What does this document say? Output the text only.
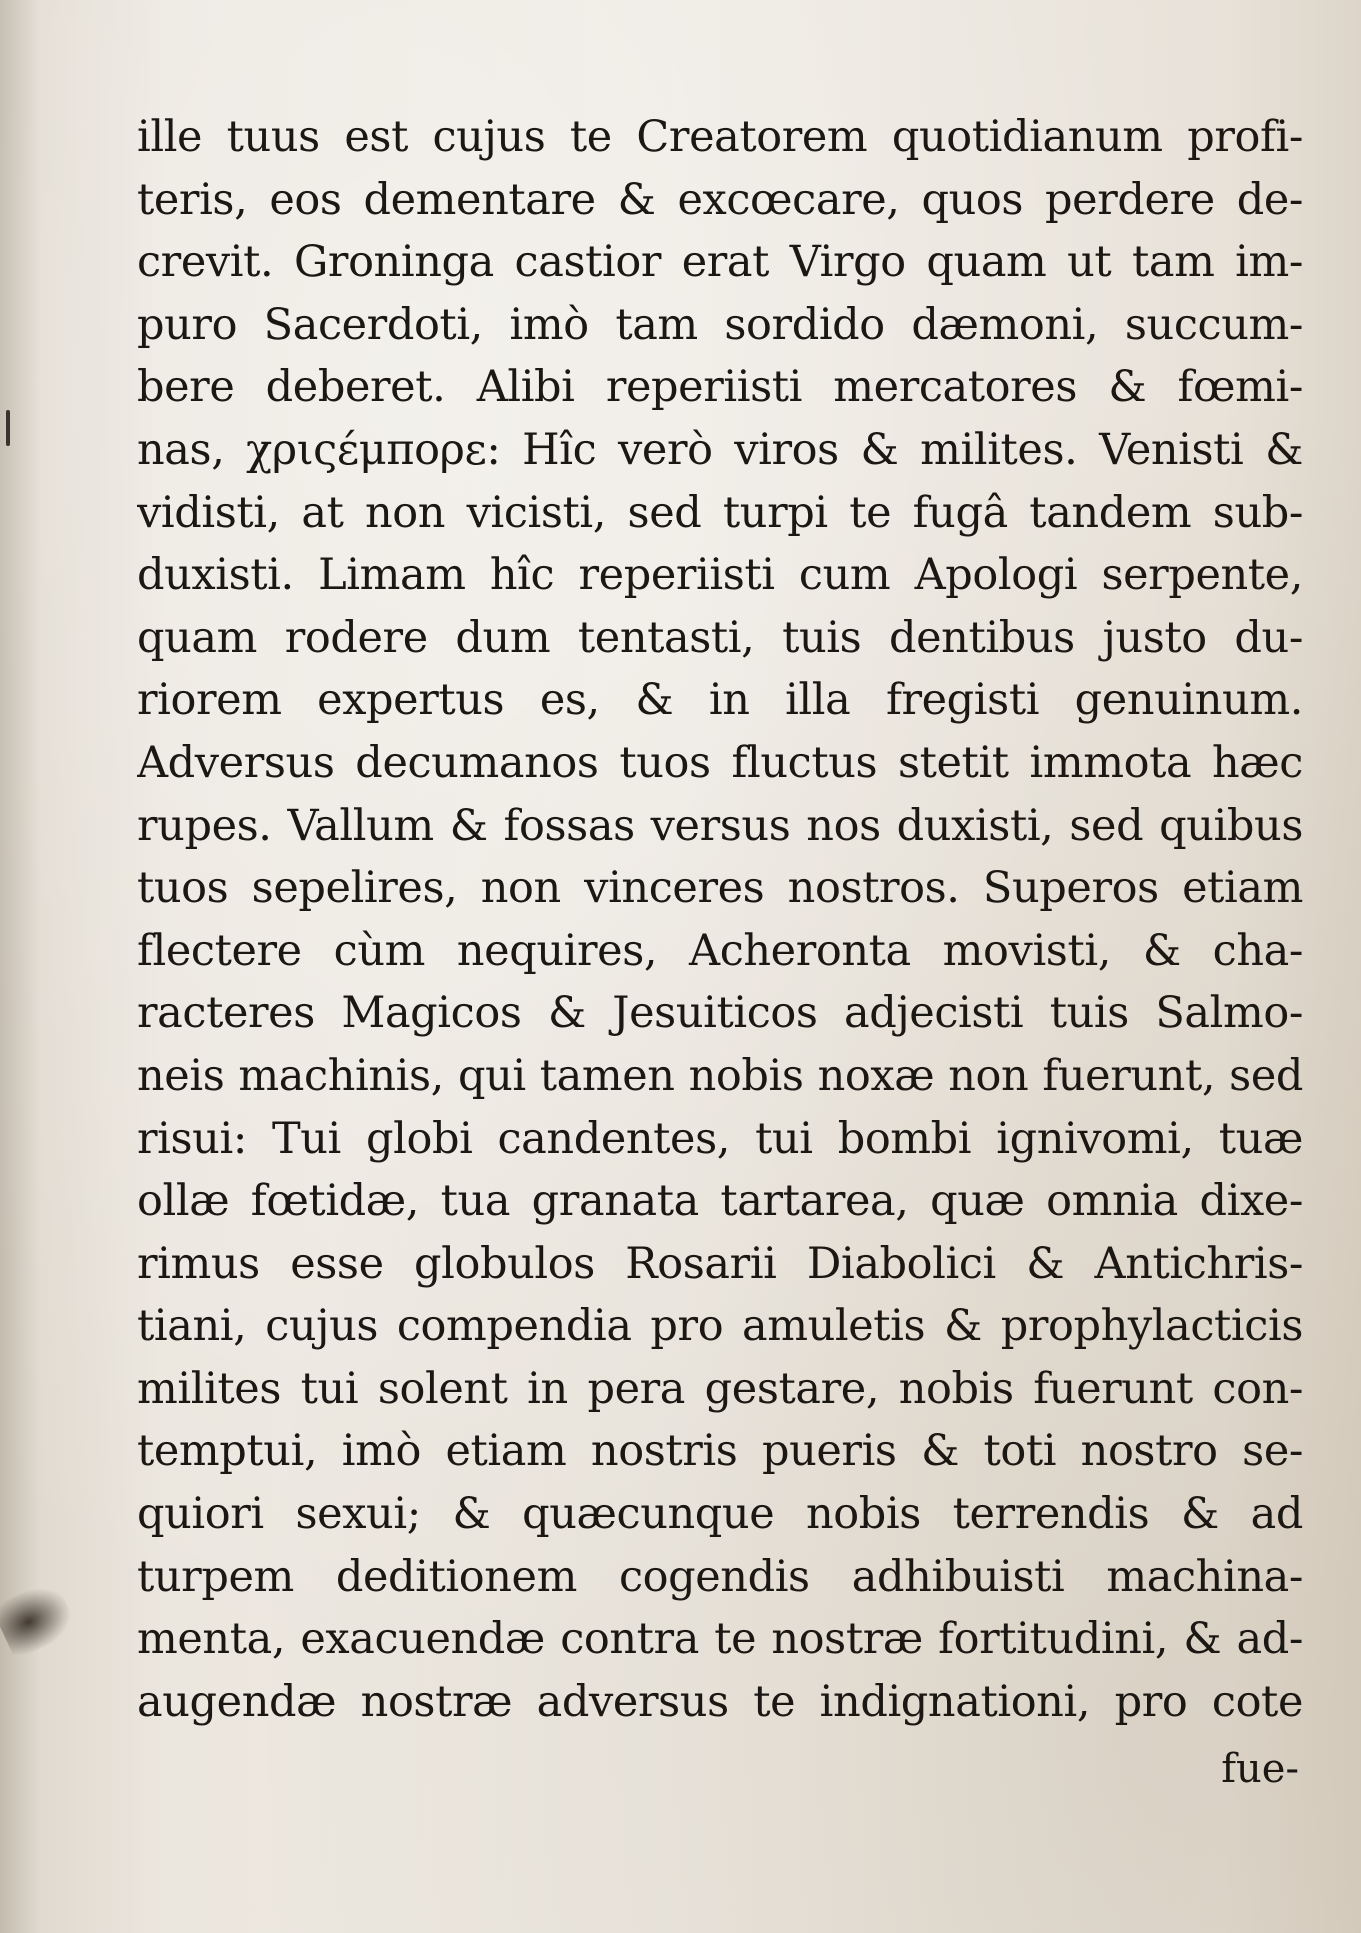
ille tuus est cujus te Creatorem quotidianum profi-
teris, eos dementare & excœcare, quos perdere de-
crevit. Groninga castior erat Virgo quam ut tam im-
puro Sacerdoti, imò tam sordido dæmoni, succum-
bere deberet. Alibi reperiisti mercatores & fœmi-
nas, χριςέμπορε: Hîc verò viros & milites. Venisti &
vidisti, at non vicisti, sed turpi te fugâ tandem sub-
duxisti. Limam hîc reperiisti cum Apologi serpente,
quam rodere dum tentasti, tuis dentibus justo du-
riorem expertus es, & in illa fregisti genuinum.
Adversus decumanos tuos fluctus stetit immota hæc
rupes. Vallum & fossas versus nos duxisti, sed quibus
tuos sepelires, non vinceres nostros. Superos etiam
flectere cùm nequires, Acheronta movisti, & cha-
racteres Magicos & Jesuiticos adjecisti tuis Salmo-
neis machinis, qui tamen nobis noxæ non fuerunt, sed
risui: Tui globi candentes, tui bombi ignivomi, tuæ
ollæ fœtidæ, tua granata tartarea, quæ omnia dixe-
rimus esse globulos Rosarii Diabolici & Antichris-
tiani, cujus compendia pro amuletis & prophylacticis
milites tui solent in pera gestare, nobis fuerunt con-
temptui, imò etiam nostris pueris & toti nostro se-
quiori sexui; & quæcunque nobis terrendis & ad
turpem deditionem cogendis adhibuisti machina-
menta, exacuendæ contra te nostræ fortitudini, & ad-
augendæ nostræ adversus te indignationi, pro cote
fue-
